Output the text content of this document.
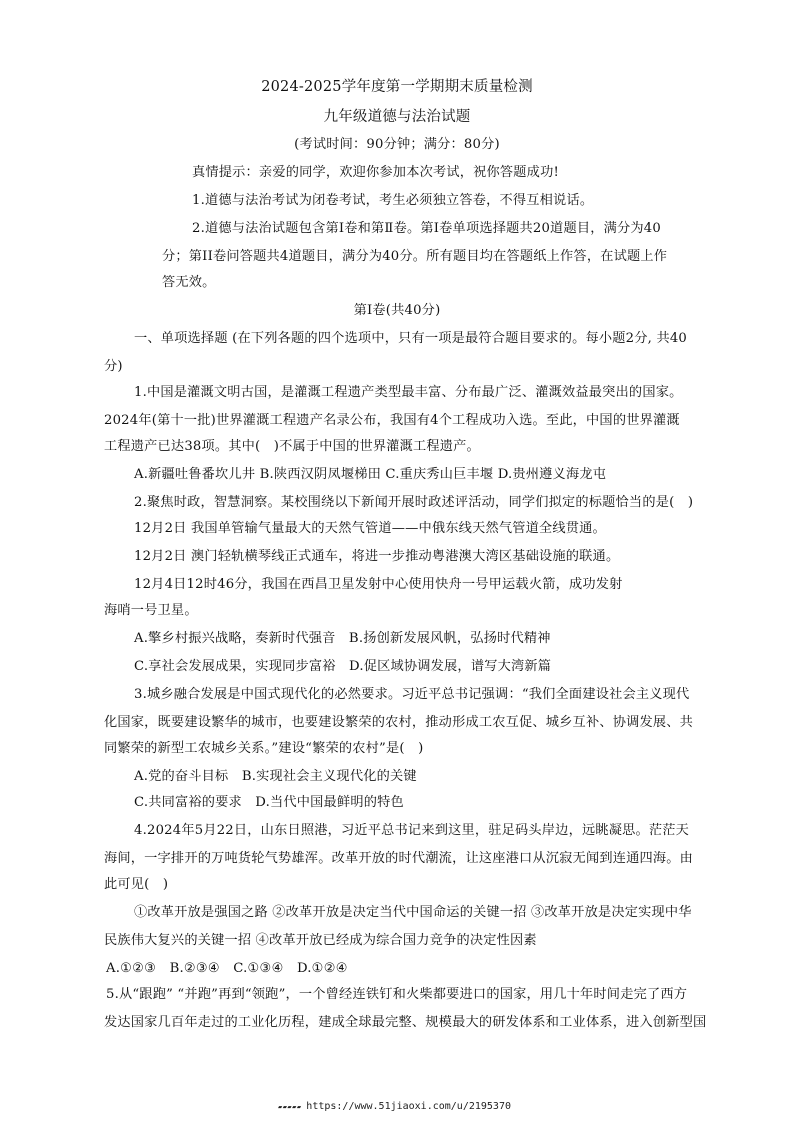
2024-2025学年度第一学期期末质量检测
九年级道德与法治试题
(考试时间：90分钟；满分：80分)
真情提示：亲爱的同学，欢迎你参加本次考试，祝你答题成功!
1.道德与法治考试为闭卷考试，考生必须独立答卷，不得互相说话。
2.道德与法治试题包含第Ⅰ卷和第Ⅱ卷。第Ⅰ卷单项选择题共20道题目，满分为40
分；第II卷问答题共4道题目，满分为40分。所有题目均在答题纸上作答，在试题上作
答无效。
第Ⅰ卷(共40分)
一、单项选择题 (在下列各题的四个选项中，只有一项是最符合题目要求的。每小题2分, 共40
分)
1.中国是灌溉文明古国，是灌溉工程遗产类型最丰富、分布最广泛、灌溉效益最突出的国家。
2024年(第十一批)世界灌溉工程遗产名录公布，我国有4个工程成功入选。至此，中国的世界灌溉
工程遗产已达38项。其中(　)不属于中国的世界灌溉工程遗产。
A.新疆吐鲁番坎儿井 B.陕西汉阴凤堰梯田 C.重庆秀山巨丰堰 D.贵州遵义海龙屯
2.聚焦时政，智慧洞察。某校围绕以下新闻开展时政述评活动，同学们拟定的标题恰当的是(　)
12月2日 我国单管输气量最大的天然气管道——中俄东线天然气管道全线贯通。
12月2日 澳门轻轨横琴线正式通车，将进一步推动粤港澳大湾区基础设施的联通。
12月4日12时46分，我国在西昌卫星发射中心使用快舟一号甲运载火箭，成功发射
海哨一号卫星。
A.擎乡村振兴战略，奏新时代强音　B.扬创新发展风帆，弘扬时代精神
C.享社会发展成果，实现同步富裕　D.促区域协调发展，谱写大湾新篇
3.城乡融合发展是中国式现代化的必然要求。习近平总书记强调：“我们全面建设社会主义现代
化国家，既要建设繁华的城市，也要建设繁荣的农村，推动形成工农互促、城乡互补、协调发展、共
同繁荣的新型工农城乡关系。”建设“繁荣的农村”是(　)
A.党的奋斗目标　B.实现社会主义现代化的关键
C.共同富裕的要求　D.当代中国最鲜明的特色
4.2024年5月22日，山东日照港，习近平总书记来到这里，驻足码头岸边，远眺凝思。茫茫天
海间，一字排开的万吨货轮气势雄浑。改革开放的时代潮流，让这座港口从沉寂无闻到连通四海。由
此可见(　)
①改革开放是强国之路 ②改革开放是决定当代中国命运的关键一招 ③改革开放是决定实现中华
民族伟大复兴的关键一招 ④改革开放已经成为综合国力竞争的决定性因素
A.①②③　B.②③④　C.①③④　D.①②④
5.从“跟跑” “并跑”再到“领跑”，一个曾经连铁钉和火柴都要进口的国家，用几十年时间走完了西方
发达国家几百年走过的工业化历程，建成全球最完整、规模最大的研发体系和工业体系，进入创新型国
▰▰▰▰▰ https://www.51jiaoxi.com/u/2195370
